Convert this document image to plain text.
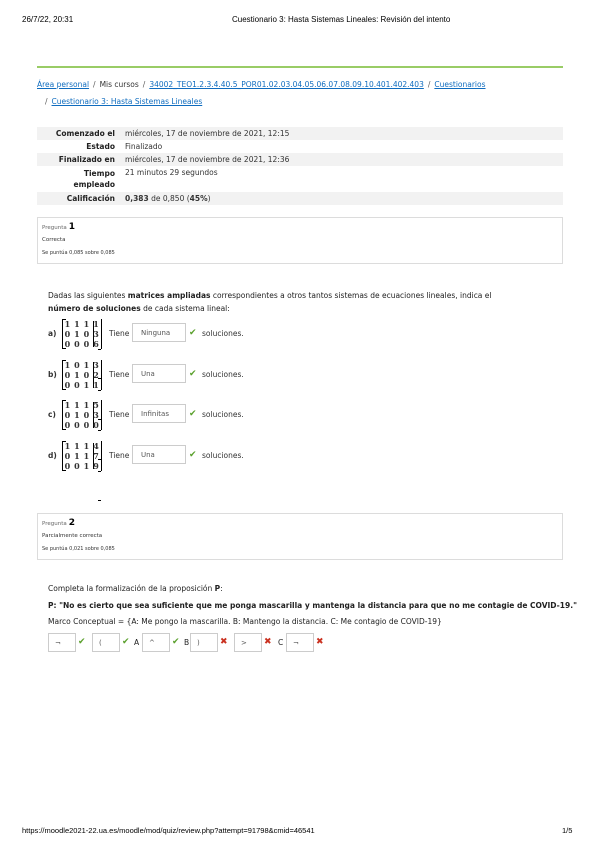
26/7/22, 20:31	Cuestionario 3: Hasta Sistemas Lineales: Revisión del intento
Área personal / Mis cursos / 34002_TEO1.2.3.4.40.5_POR01.02.03.04.05.06.07.08.09.10.401.402.403 / Cuestionarios
/ Cuestionario 3: Hasta Sistemas Lineales
Comenzado el	miércoles, 17 de noviembre de 2021, 12:15
Estado	Finalizado
Finalizado en	miércoles, 17 de noviembre de 2021, 12:36
Tiempo empleado	21 minutos 29 segundos
Calificación	0,383 de 0,850 (45%)
Pregunta 1
Correcta
Se puntúa 0,085 sobre 0,085
Dadas las siguientes matrices ampliadas correspondientes a otros tantos sistemas de ecuaciones lineales, indica el número de soluciones de cada sistema lineal:
a)
1 1 1 1
0 1 0 3
0 0 0 6
Tiene	Ninguna	✔ soluciones.
b)
1 0 1 3
0 1 0 2
0 0 1 1
Tiene	Una	✔ soluciones.
c)
1 1 1 5
0 1 0 3
0 0 0 0
Tiene	Infinitas	✔ soluciones.
d)
1 1 1 4
0 1 1 7
0 0 1 9
Tiene	Una	✔ soluciones.
Pregunta 2
Parcialmente correcta
Se puntúa 0,021 sobre 0,085
Completa la formalización de la proposición P:
P: "No es cierto que sea suficiente que me ponga mascarilla y mantenga la distancia para que no me contagie de COVID-19."
Marco Conceptual = {A: Me pongo la mascarilla. B: Mantengo la distancia. C: Me contagio de COVID-19}
¬	✔	(	✔ A	^	✔ B	)	✖	>	✖ C	¬	✖
https://moodle2021-22.ua.es/moodle/mod/quiz/review.php?attempt=91798&cmid=46541	1/5
